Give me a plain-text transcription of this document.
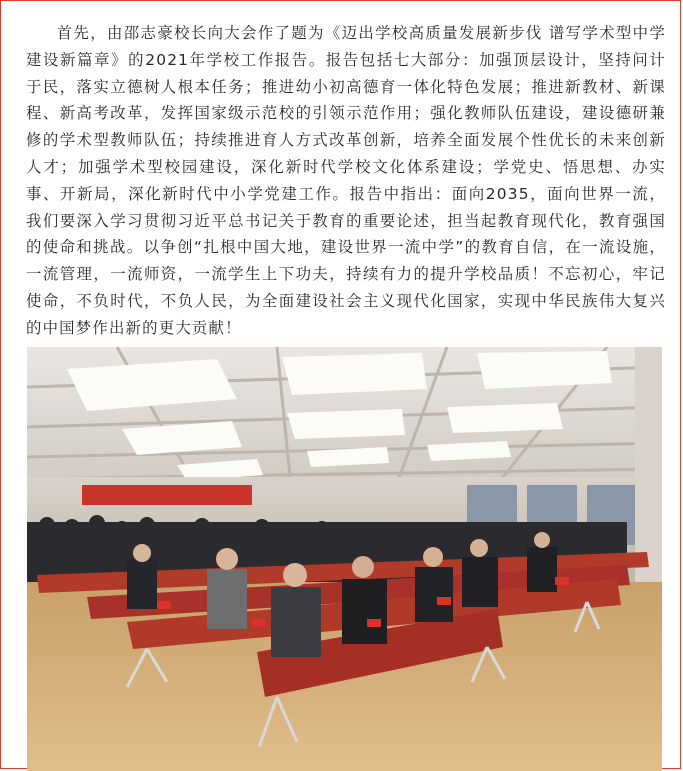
首先，由邵志豪校长向大会作了题为《迈出学校高质量发展新步伐 谱写学术型中学建设新篇章》的2021年学校工作报告。报告包括七大部分：加强顶层设计，坚持问计于民，落实立德树人根本任务；推进幼小初高德育一体化特色发展；推进新教材、新课程、新高考改革，发挥国家级示范校的引领示范作用；强化教师队伍建设，建设德研兼修的学术型教师队伍；持续推进育人方式改革创新，培养全面发展个性优长的未来创新人才；加强学术型校园建设，深化新时代学校文化体系建设；学党史、悟思想、办实事、开新局，深化新时代中小学党建工作。报告中指出：面向2035，面向世界一流，我们要深入学习贯彻习近平总书记关于教育的重要论述，担当起教育现代化，教育强国的使命和挑战。以争创“扎根中国大地，建设世界一流中学”的教育自信，在一流设施，一流管理，一流师资，一流学生上下功夫，持续有力的提升学校品质！不忘初心，牢记使命，不负时代，不负人民，为全面建设社会主义现代化国家，实现中华民族伟大复兴的中国梦作出新的更大贡献！
